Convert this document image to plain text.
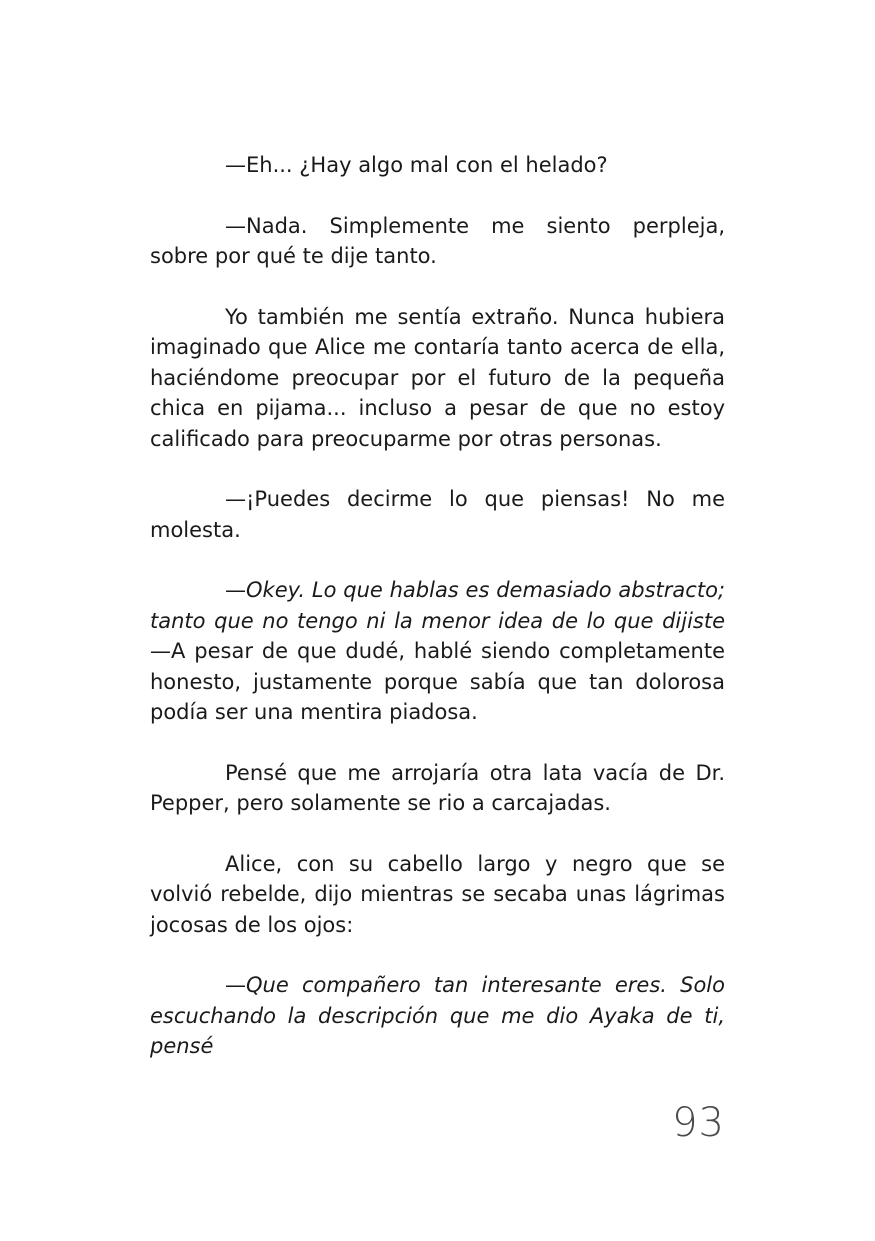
—Eh... ¿Hay algo mal con el helado?

—Nada. Simplemente me siento perpleja, sobre por qué te dije tanto.

Yo también me sentía extraño. Nunca hubiera imaginado que Alice me contaría tanto acerca de ella, haciéndome preocupar por el futuro de la pequeña chica en pijama... incluso a pesar de que no estoy calificado para preocuparme por otras personas.

—¡Puedes decirme lo que piensas! No me molesta.

—Okey. Lo que hablas es demasiado abstracto; tanto que no tengo ni la menor idea de lo que dijiste —A pesar de que dudé, hablé siendo completamente honesto, justamente porque sabía que tan dolorosa podía ser una mentira piadosa.

Pensé que me arrojaría otra lata vacía de Dr. Pepper, pero solamente se rio a carcajadas.

Alice, con su cabello largo y negro que se volvió rebelde, dijo mientras se secaba unas lágrimas jocosas de los ojos:

—Que compañero tan interesante eres. Solo escuchando la descripción que me dio Ayaka de ti, pensé

93
